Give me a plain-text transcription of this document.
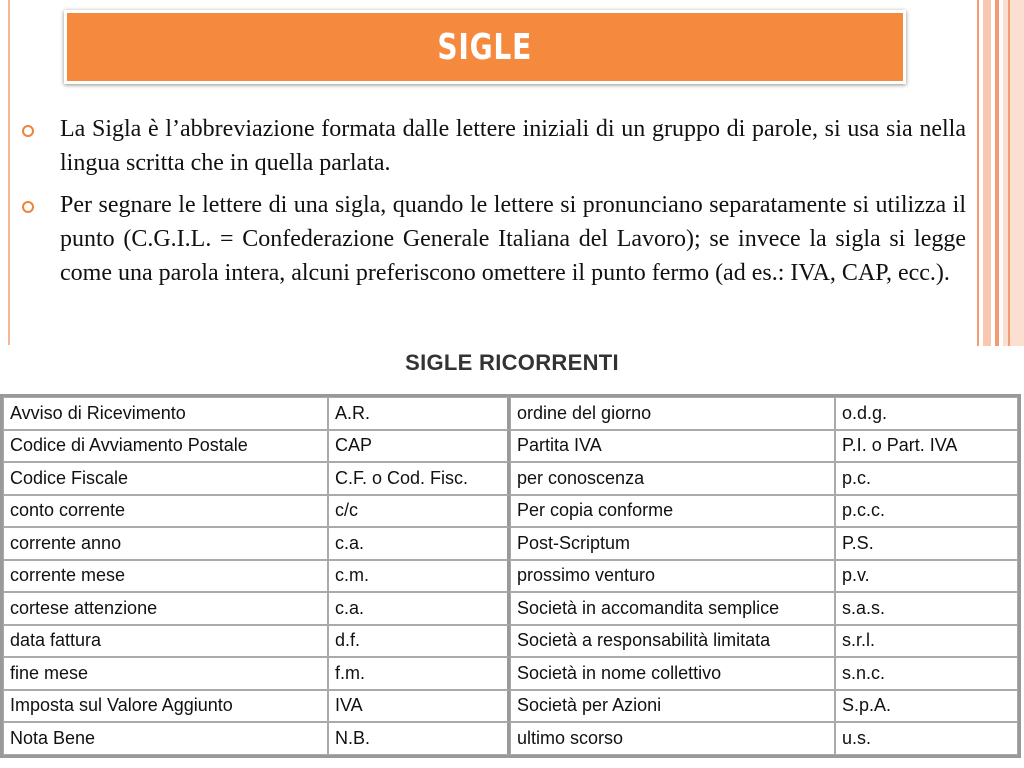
SIGLE
La Sigla è l’abbreviazione formata dalle lettere iniziali di un gruppo di parole, si usa sia nella lingua scritta che in quella parlata.
Per segnare le lettere di una sigla, quando le lettere si pronunciano separatamente si utilizza il punto (C.G.I.L. = Confederazione Generale Italiana del Lavoro); se invece la sigla si legge come una parola intera, alcuni preferiscono omettere il punto fermo (ad es.: IVA, CAP, ecc.).
SIGLE RICORRENTI
Avviso di Ricevimento	A.R.	ordine del giorno	o.d.g.
Codice di Avviamento Postale	CAP	Partita IVA	P.I. o Part. IVA
Codice Fiscale	C.F. o Cod. Fisc.	per conoscenza	p.c.
conto corrente	c/c	Per copia conforme	p.c.c.
corrente anno	c.a.	Post-Scriptum	P.S.
corrente mese	c.m.	prossimo venturo	p.v.
cortese attenzione	c.a.	Società in accomandita semplice	s.a.s.
data fattura	d.f.	Società a responsabilità limitata	s.r.l.
fine mese	f.m.	Società in nome collettivo	s.n.c.
Imposta sul Valore Aggiunto	IVA	Società per Azioni	S.p.A.
Nota Bene	N.B.	ultimo scorso	u.s.
